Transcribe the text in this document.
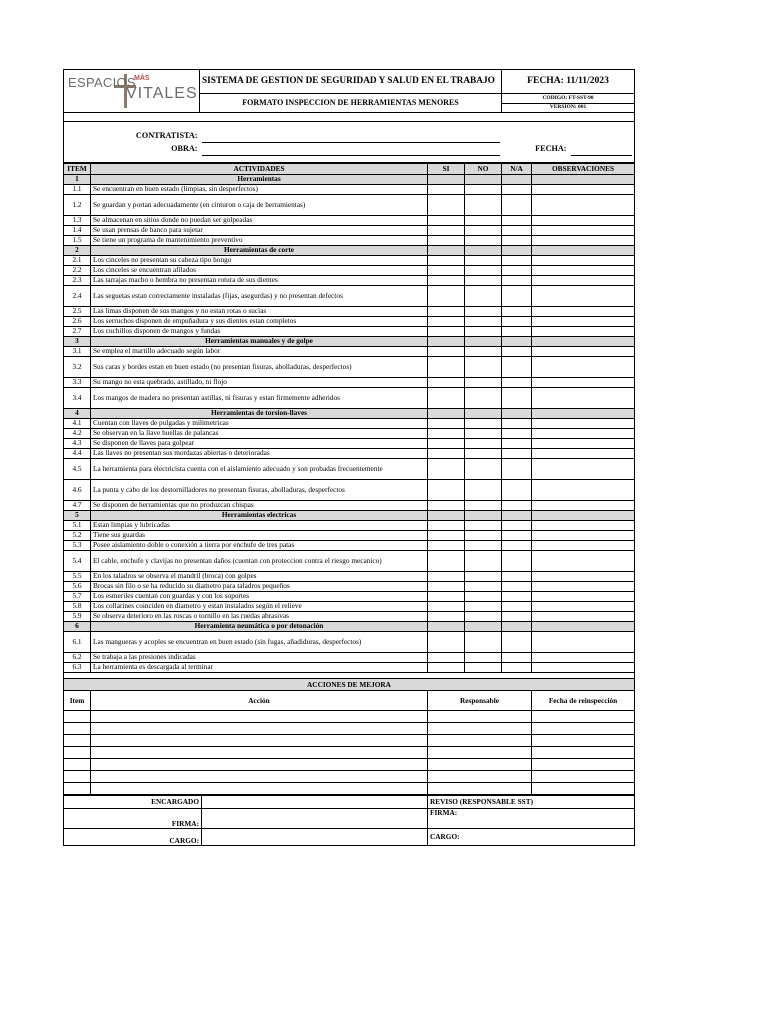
ESPACIOS
MÁS
VITALES	SISTEMA DE GESTION DE SEGURIDAD Y SALUD EN EL TRABAJO	FECHA: 11/11/2023
	FORMATO INSPECCION DE HERRAMIENTAS MENORES	CODIGO; FT-SST-90
		VERSIÓN: 001

CONTRATISTA:		

OBRA:		FECHA:	

ITEM	ACTIVIDADES	SI	NO	N/A	OBSERVACIONES
1	Herramientas				
1.1	Se encuentran en buen estado (limpias, sin desperfectos)				
1.2	Se guardan y portan adecuadamente (en cinturon o caja de herramientas)				
1.3	Se almacenan en sitios donde no puedan ser golpeadas				
1.4	Se usan prensas de banco para sujetar				
1.5	Se tiene un programa de mantenimiento preventivo				
2	Herramientas de corte				
2.1	Los cinceles no presentan su cabeza tipo hongo				
2.2	Los cinceles se encuentran afilados				
2.3	Las tarrajas macho o hembra no presentan rotura de sus dientes				
2.4	Las seguetas estan correctamente instaladas (fijas, asegurdas) y no presentan defectos				
2.5	Las limas disponen de sus mangos y no estan rotas o sucias				
2.6	Los serruchos disponen de empuñadura y sus dientes estan completos				
2.7	Los cuchillos disponen de mangos y fundas				
3	Herramientas manuales y de golpe				
3.1	Se emplea el martillo adecuado según labor				
3.2	Sus caras y bordes estan en buen estado (no presentan fisuras, abolladuras, desperfectos)				
3.3	Su mango no esta quebrado, astillado, ni flojo				
3.4	Los mangos de madera no presentan astillas, ni fisuras y estan firmemente adheridos				
4	Herramientas de torsion-llaves				
4.1	Cuentan con llaves de pulgadas y milimetricas				
4.2	Se observan en la llave huellas de palancas				
4.3	Se disponen de llaves para golpear				
4.4	Las llaves no presentan sus mordazas abiertas o deterioradas				
4.5	La herramienta para electricista cuenta con el aislamiento adecuado y son probadas frecuentemente				
4.6	La punta y cabo de los destornilladores no presentan fisuras, abolladuras, desperfectos				
4.7	Se disponen de herramientas que no produzcan chispas				
5	Herramientas electricas				
5.1	Estan limpias y lubricadas				
5.2	Tiene sus guardas				
5.3	Posee aislamiento doble o conexión a tierra por enchufe de tres patas				
5.4	El cable, enchufe y clavijas no presentan daños (cuentan con proteccion contra el riesgo mecanico)				
5.5	En los taladros se observa el mandril (broca) con golpes				
5.6	Brocas sin filo o se ha reducido su diametro para taladros pequeños				
5.7	Los esmeriles cuentan con guardas y con los soportes				
5.8	Los collarines coinciden en diametro y estan instalados según el relieve				
5.9	Se observa deterioro en las roscas o tornillo en las ruedas abrasivas				
6	Herramienta neumática o por detonación				
6.1	Las mangueras y acoples se encuentran en buen estado (sin fugas, añadiduras, desperfectos)				
6.2	Se trabaja a las presiones indicadas				
6.3	La herramienta es descargada al terminar				

ACCIONES DE MEJORA			
Item	Acción	Responsable	Fecha de reinspección

ENCARGADO		REVISO (RESPONSABLE SST)	
FIRMA:		FIRMA:	
CARGO:		CARGO:	
